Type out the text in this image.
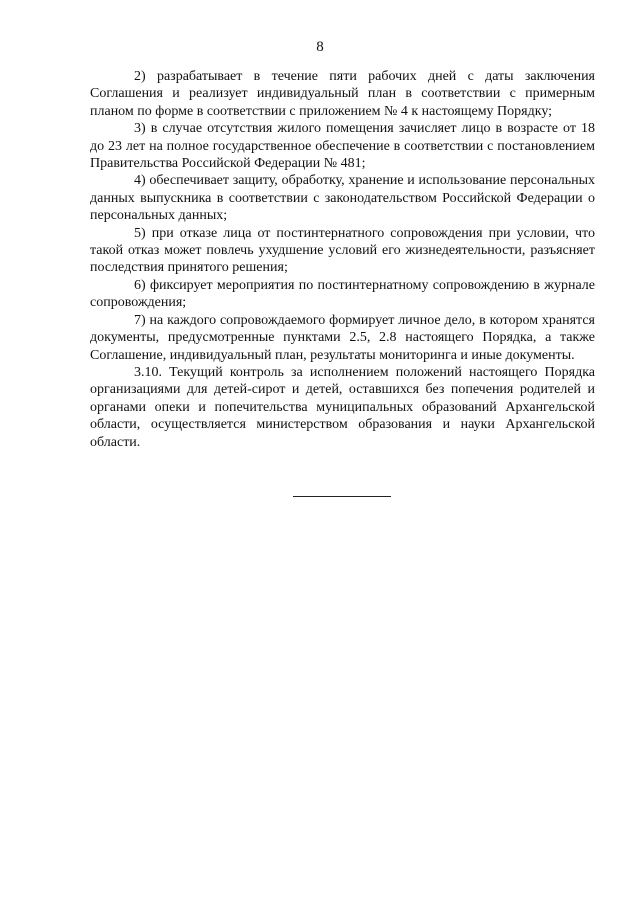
8

2) разрабатывает в течение пяти рабочих дней с даты заключения Соглашения и реализует индивидуальный план в соответствии с примерным планом по форме в соответствии с приложением № 4 к настоящему Порядку;

3) в случае отсутствия жилого помещения зачисляет лицо в возрасте от 18 до 23 лет на полное государственное обеспечение в соответствии с постановлением Правительства Российской Федерации № 481;

4) обеспечивает защиту, обработку, хранение и использование персональных данных выпускника в соответствии с законодательством Российской Федерации о персональных данных;

5) при отказе лица от постинтернатного сопровождения при условии, что такой отказ может повлечь ухудшение условий его жизнедеятельности, разъясняет последствия принятого решения;

6) фиксирует мероприятия по постинтернатному сопровождению в журнале сопровождения;

7) на каждого сопровождаемого формирует личное дело, в котором хранятся документы, предусмотренные пунктами 2.5, 2.8 настоящего Порядка, а также Соглашение, индивидуальный план, результаты мониторинга и иные документы.

3.10. Текущий контроль за исполнением положений настоящего Порядка организациями для детей-сирот и детей, оставшихся без попечения родителей и органами опеки и попечительства муниципальных образований Архангельской области, осуществляется министерством образования и науки Архангельской области.
